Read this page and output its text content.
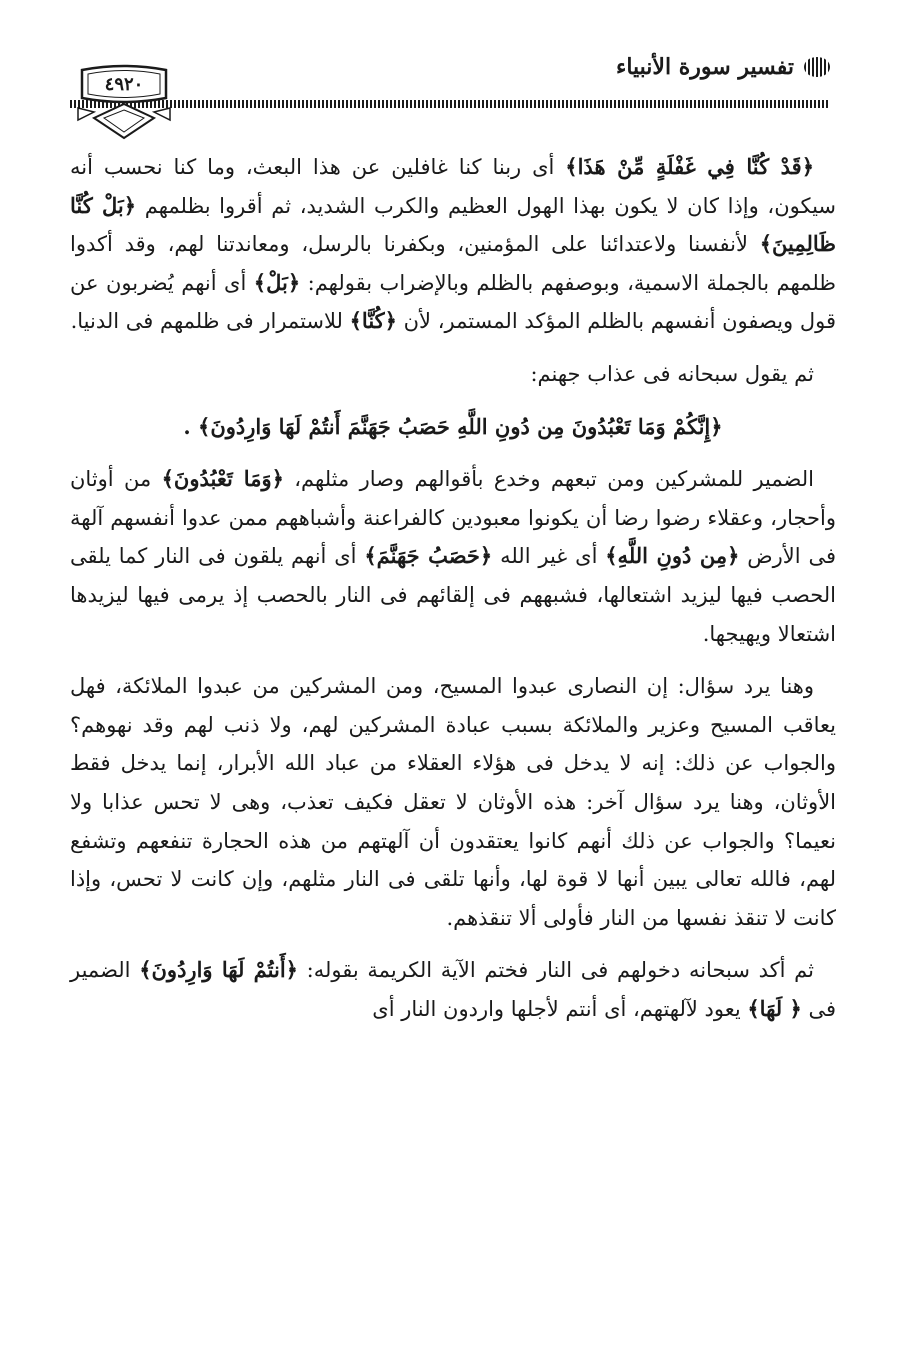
تفسير سورة الأنبياء
٤٩٢٠

﴿قَدْ كُنَّا فِي غَفْلَةٍ مِّنْ هَذَا﴾ أى ربنا كنا غافلين عن هذا البعث، وما كنا نحسب أنه سيكون، وإذا كان لا يكون بهذا الهول العظيم والكرب الشديد، ثم أقروا بظلمهم ﴿بَلْ كُنَّا ظَالِمِينَ﴾ لأنفسنا ولاعتدائنا على المؤمنين، وبكفرنا بالرسل، ومعاندتنا لهم، وقد أكدوا ظلمهم بالجملة الاسمية، وبوصفهم بالظلم وبالإضراب بقولهم: ﴿بَلْ﴾ أى أنهم يُضربون عن قول ويصفون أنفسهم بالظلم المؤكد المستمر، لأن ﴿كُنَّا﴾ للاستمرار فى ظلمهم فى الدنيا.

ثم يقول سبحانه فى عذاب جهنم:

﴿إِنَّكُمْ وَمَا تَعْبُدُونَ مِن دُونِ اللَّهِ حَصَبُ جَهَنَّمَ أَنتُمْ لَهَا وَارِدُونَ﴾ .

الضمير للمشركين ومن تبعهم وخدع بأقوالهم وصار مثلهم، ﴿وَمَا تَعْبُدُونَ﴾ من أوثان وأحجار، وعقلاء رضوا رضا أن يكونوا معبودين كالفراعنة وأشباههم ممن عدوا أنفسهم آلهة فى الأرض ﴿مِن دُونِ اللَّهِ﴾ أى غير الله ﴿حَصَبُ جَهَنَّمَ﴾ أى أنهم يلقون فى النار كما يلقى الحصب فيها ليزيد اشتعالها، فشبههم فى إلقائهم فى النار بالحصب إذ يرمى فيها ليزيدها اشتعالا ويهيجها.

وهنا يرد سؤال: إن النصارى عبدوا المسيح، ومن المشركين من عبدوا الملائكة، فهل يعاقب المسيح وعزير والملائكة بسبب عبادة المشركين لهم، ولا ذنب لهم وقد نهوهم؟ والجواب عن ذلك: إنه لا يدخل فى هؤلاء العقلاء من عباد الله الأبرار، إنما يدخل فقط الأوثان، وهنا يرد سؤال آخر: هذه الأوثان لا تعقل فكيف تعذب، وهى لا تحس عذابا ولا نعيما؟ والجواب عن ذلك أنهم كانوا يعتقدون أن آلهتهم من هذه الحجارة تنفعهم وتشفع لهم، فالله تعالى يبين أنها لا قوة لها، وأنها تلقى فى النار مثلهم، وإن كانت لا تحس، وإذا كانت لا تنقذ نفسها من النار فأولى ألا تنقذهم.

ثم أكد سبحانه دخولهم فى النار فختم الآية الكريمة بقوله: ﴿أَنتُمْ لَهَا وَارِدُونَ﴾ الضمير فى ﴿ لَهَا﴾ يعود لآلهتهم، أى أنتم لأجلها واردون النار أى
